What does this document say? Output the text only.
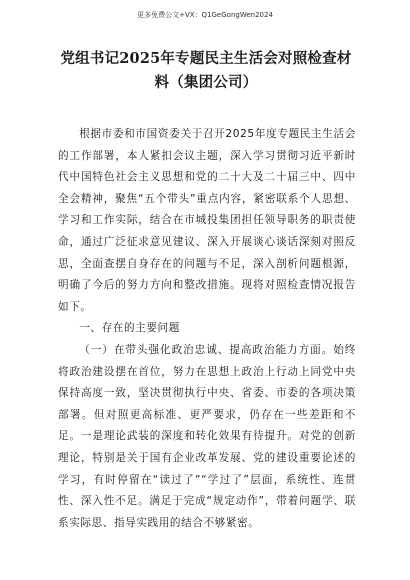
更多免费公文+VX：Q1GeGongWen2024
党组书记2025年专题民主生活会对照检查材料（集团公司）

根据市委和市国资委关于召开2025年度专题民主生活会的工作部署，本人紧扣会议主题，深入学习贯彻习近平新时代中国特色社会主义思想和党的二十大及二十届三中、四中全会精神，聚焦“五个带头”重点内容，紧密联系个人思想、学习和工作实际，结合在市城投集团担任领导职务的职责使命，通过广泛征求意见建议、深入开展谈心谈话深刻对照反思，全面查摆自身存在的问题与不足，深入剖析问题根源，明确了今后的努力方向和整改措施。现将对照检查情况报告如下。

一、存在的主要问题

（一）在带头强化政治忠诚、提高政治能力方面。始终将政治建设摆在首位，努力在思想上政治上行动上同党中央保持高度一致，坚决贯彻执行中央、省委、市委的各项决策部署。但对照更高标准、更严要求，仍存在一些差距和不足。一是理论武装的深度和转化效果有待提升。对党的创新理论，特别是关于国有企业改革发展、党的建设重要论述的学习，有时停留在“读过了”“学过了”层面，系统性、连贯性、深入性不足。满足于完成“规定动作”，带着问题学、联系实际思、指导实践用的结合不够紧密。
